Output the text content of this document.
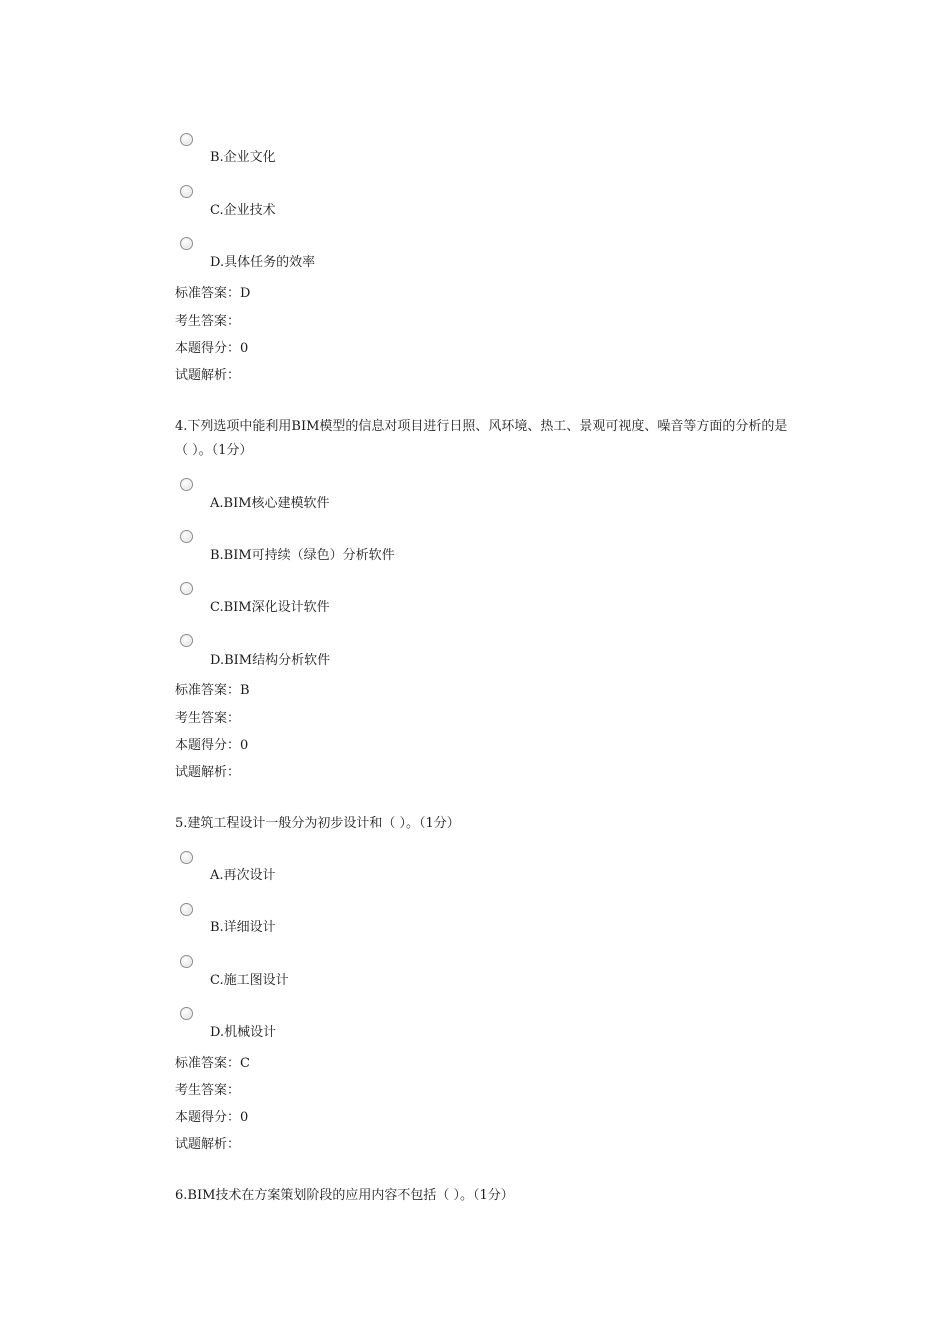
B.企业文化
C.企业技术
D.具体任务的效率
标准答案：D
考生答案：
本题得分：0
试题解析：
4.下列选项中能利用BIM模型的信息对项目进行日照、风环境、热工、景观可视度、噪音等方面的分析的是（ ）。（1分）
A.BIM核心建模软件
B.BIM可持续（绿色）分析软件
C.BIM深化设计软件
D.BIM结构分析软件
标准答案：B
考生答案：
本题得分：0
试题解析：
5.建筑工程设计一般分为初步设计和（ ）。（1分）
A.再次设计
B.详细设计
C.施工图设计
D.机械设计
标准答案：C
考生答案：
本题得分：0
试题解析：
6.BIM技术在方案策划阶段的应用内容不包括（ ）。（1分）
